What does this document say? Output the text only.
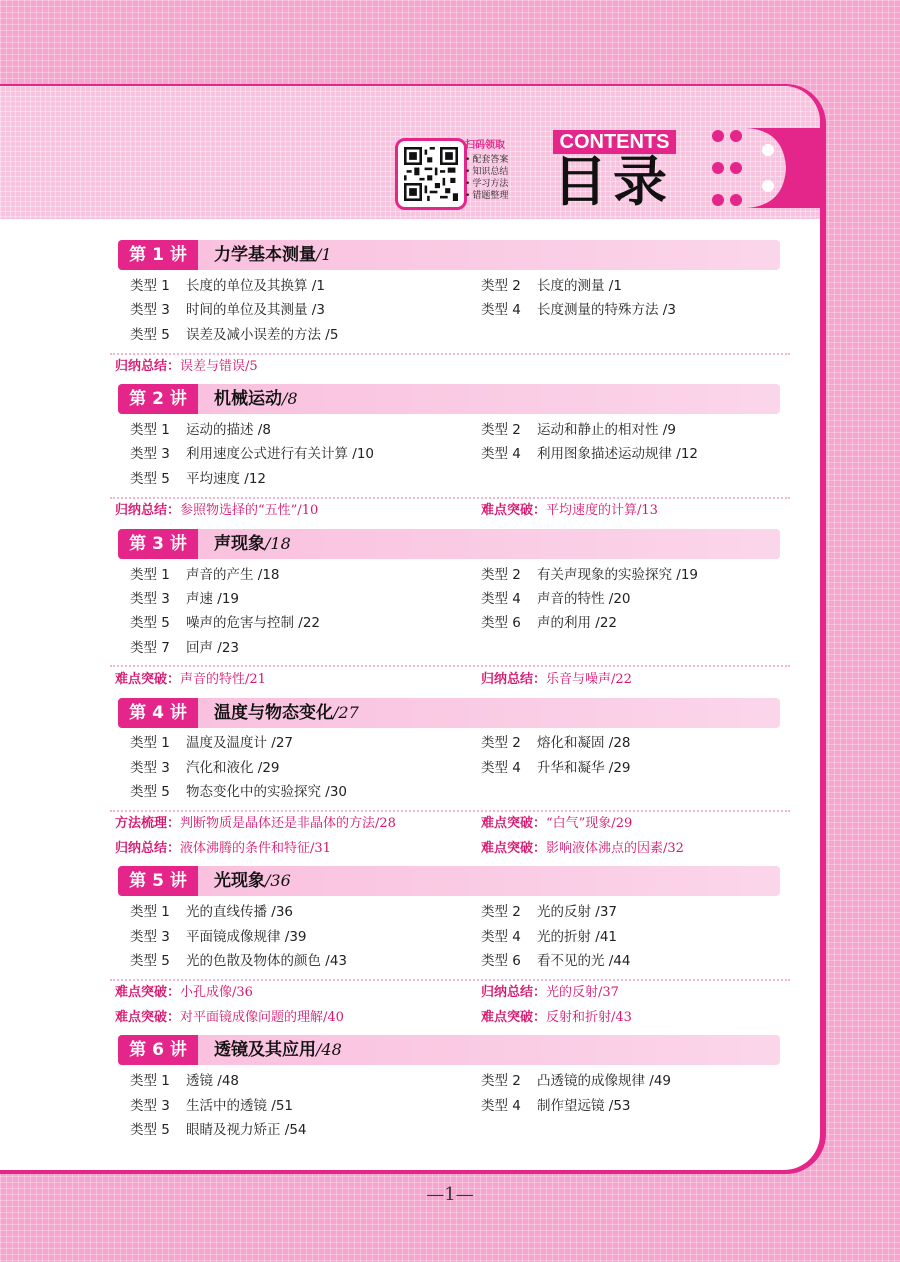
扫码领取
• 配套答案
• 知识总结
• 学习方法
• 错题整理
CONTENTS
目录
第 1 讲	力学基本测量/1
类型 1 长度的单位及其换算 /1	类型 2 长度的测量 /1
类型 3 时间的单位及其测量 /3	类型 4 长度测量的特殊方法 /3
类型 5 误差及减小误差的方法 /5
归纳总结：误差与错误/5
第 2 讲	机械运动/8
类型 1 运动的描述 /8	类型 2 运动和静止的相对性 /9
类型 3 利用速度公式进行有关计算 /10	类型 4 利用图象描述运动规律 /12
类型 5 平均速度 /12
归纳总结：参照物选择的“五性”/10	难点突破：平均速度的计算/13
第 3 讲	声现象/18
类型 1 声音的产生 /18	类型 2 有关声现象的实验探究 /19
类型 3 声速 /19	类型 4 声音的特性 /20
类型 5 噪声的危害与控制 /22	类型 6 声的利用 /22
类型 7 回声 /23
难点突破：声音的特性/21	归纳总结：乐音与噪声/22
第 4 讲	温度与物态变化/27
类型 1 温度及温度计 /27	类型 2 熔化和凝固 /28
类型 3 汽化和液化 /29	类型 4 升华和凝华 /29
类型 5 物态变化中的实验探究 /30
方法梳理：判断物质是晶体还是非晶体的方法/28	难点突破：“白气”现象/29
归纳总结：液体沸腾的条件和特征/31	难点突破：影响液体沸点的因素/32
第 5 讲	光现象/36
类型 1 光的直线传播 /36	类型 2 光的反射 /37
类型 3 平面镜成像规律 /39	类型 4 光的折射 /41
类型 5 光的色散及物体的颜色 /43	类型 6 看不见的光 /44
难点突破：小孔成像/36	归纳总结：光的反射/37
难点突破：对平面镜成像问题的理解/40	难点突破：反射和折射/43
第 6 讲	透镜及其应用/48
类型 1 透镜 /48	类型 2 凸透镜的成像规律 /49
类型 3 生活中的透镜 /51	类型 4 制作望远镜 /53
类型 5 眼睛及视力矫正 /54
—1—
